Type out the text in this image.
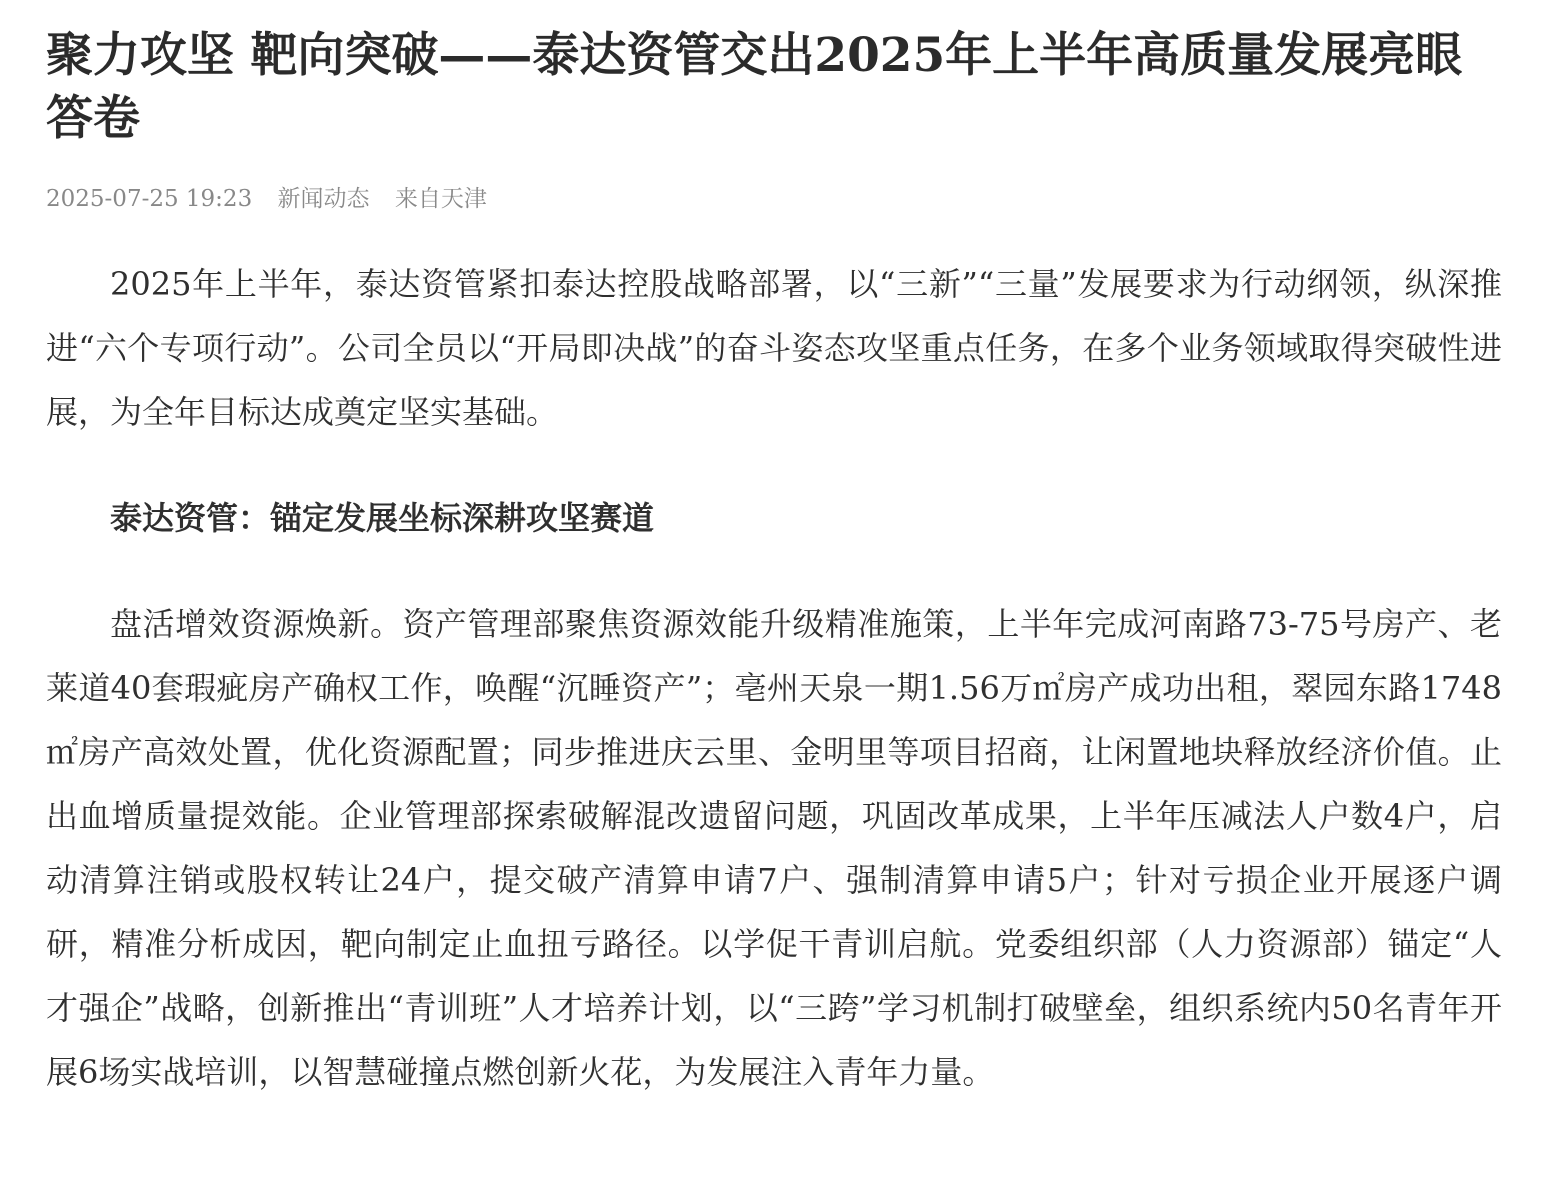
聚力攻坚 靶向突破——泰达资管交出2025年上半年高质量发展亮眼答卷
2025-07-25 19:23 新闻动态 来自天津

2025年上半年，泰达资管紧扣泰达控股战略部署，以“三新”“三量”发展要求为行动纲领，纵深推进“六个专项行动”。公司全员以“开局即决战”的奋斗姿态攻坚重点任务，在多个业务领域取得突破性进展，为全年目标达成奠定坚实基础。

泰达资管：锚定发展坐标深耕攻坚赛道

盘活增效资源焕新。资产管理部聚焦资源效能升级精准施策，上半年完成河南路73-75号房产、老莱道40套瑕疵房产确权工作，唤醒“沉睡资产”；亳州天泉一期1.56万㎡房产成功出租，翠园东路1748 ㎡房产高效处置，优化资源配置；同步推进庆云里、金明里等项目招商，让闲置地块释放经济价值。止出血增质量提效能。企业管理部探索破解混改遗留问题，巩固改革成果，上半年压减法人户数4户，启动清算注销或股权转让24户，提交破产清算申请7户、强制清算申请5户；针对亏损企业开展逐户调研，精准分析成因，靶向制定止血扭亏路径。以学促干青训启航。党委组织部（人力资源部）锚定“人才强企”战略，创新推出“青训班”人才培养计划，以“三跨”学习机制打破壁垒，组织系统内50名青年开展6场实战培训，以智慧碰撞点燃创新火花，为发展注入青年力量。
